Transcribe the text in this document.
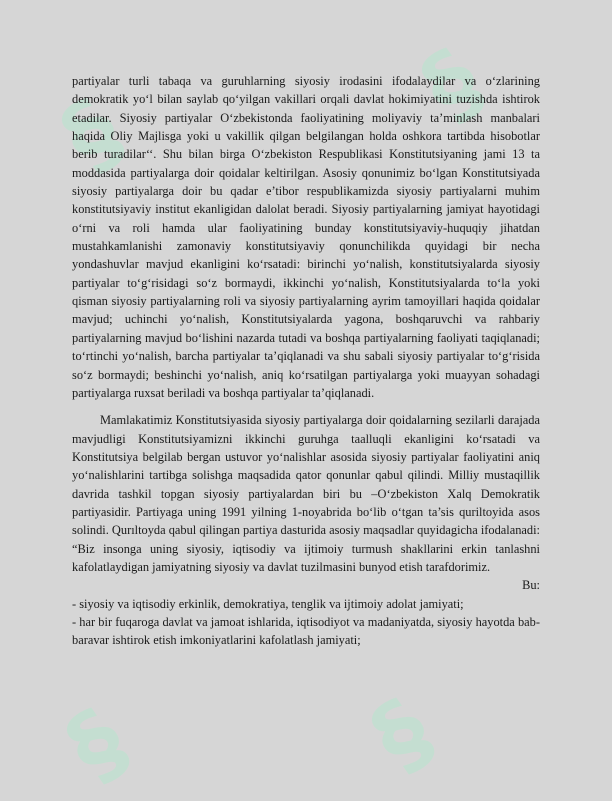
§	§
§ §

partiyalar turli tabaqa va guruhlarning siyosiy irodasini ifodalaydilar va o‘zlarining demokratik yo‘l bilan saylab qo‘yilgan vakillari orqali davlat hokimiyatini tuzishda ishtirok etadilar. Siyosiy partiyalar O‘zbekistonda faoliyatining moliyaviy ta’minlash manbalari haqida Oliy Majlisga yoki u vakillik qilgan belgilangan holda oshkora tartibda hisobotlar berib turadilar‘‘. Shu bilan birga O‘zbekiston Respublikasi Konstitutsiyaning jami 13 ta moddasida partiyalarga doir qoidalar keltirilgan. Asosiy qonunimiz bo‘lgan Konstitutsiyada siyosiy partiyalarga doir bu qadar e’tibor respublikamizda siyosiy partiyalarni muhim konstitutsiyaviy institut ekanligidan dalolat beradi. Siyosiy partiyalarning jamiyat hayotidagi o‘rni va roli hamda ular faoliyatining bunday konstitutsiyaviy-huquqiy jihatdan mustahkamlanishi zamonaviy konstitutsiyaviy qonunchilikda quyidagi bir necha yondashuvlar mavjud ekanligini ko‘rsatadi: birinchi yo‘nalish, konstitutsiyalarda siyosiy partiyalar to‘g‘risidagi so‘z bormaydi, ikkinchi yo‘nalish, Konstitutsiyalarda to‘la yoki qisman siyosiy partiyalarning roli va siyosiy partiyalarning ayrim tamoyillari haqida qoidalar mavjud; uchinchi yo‘nalish, Konstitutsiyalarda yagona, boshqaruvchi va rahbariy partiyalarning mavjud bo‘lishini nazarda tutadi va boshqa partiyalarning faoliyati taqiqlanadi; to‘rtinchi yo‘nalish, barcha partiyalar ta’qiqlanadi va shu sabali siyosiy partiyalar to‘g‘risida so‘z bormaydi; beshinchi yo‘nalish, aniq ko‘rsatilgan partiyalarga yoki muayyan sohadagi partiyalarga ruxsat beriladi va boshqa partiyalar ta’qiqlanadi.

Mamlakatimiz Konstitutsiyasida siyosiy partiyalarga doir qoidalarning sezilarli darajada mavjudligi Konstitutsiyamizni ikkinchi guruhga taalluqli ekanligini ko‘rsatadi va Konstitutsiya belgilab bergan ustuvor yo‘nalishlar asosida siyosiy partiyalar faoliyatini aniq yo‘nalishlarini tartibga solishga maqsadida qator qonunlar qabul qilindi. Milliy mustaqillik davrida tashkil topgan siyosiy partiyalardan biri bu –O‘zbekiston Xalq Demokratik partiyasidir. Partiyaga uning 1991 yilning 1-noyabrida bo‘lib o‘tgan ta’sis quriltoyida asos solindi. Qurıltoyda qabul qilingan partiya dasturida asosiy maqsadlar quyidagicha ifodalanadi: “Biz insonga uning siyosiy, iqtisodiy va ijtimoiy turmush shakllarini erkin tanlashni kafolatlaydigan jamiyatning siyosiy va davlat tuzilmasini bunyod etish tarafdorimiz.

Bu:

- siyosiy va iqtisodiy erkinlik, demokratiya, tenglik va ijtimoiy adolat jamiyati;

- har bir fuqaroga davlat va jamoat ishlarida, iqtisodiyot va madaniyatda, siyosiy hayotda bab-baravar ishtirok etish imkoniyatlarini kafolatlash jamiyati;
